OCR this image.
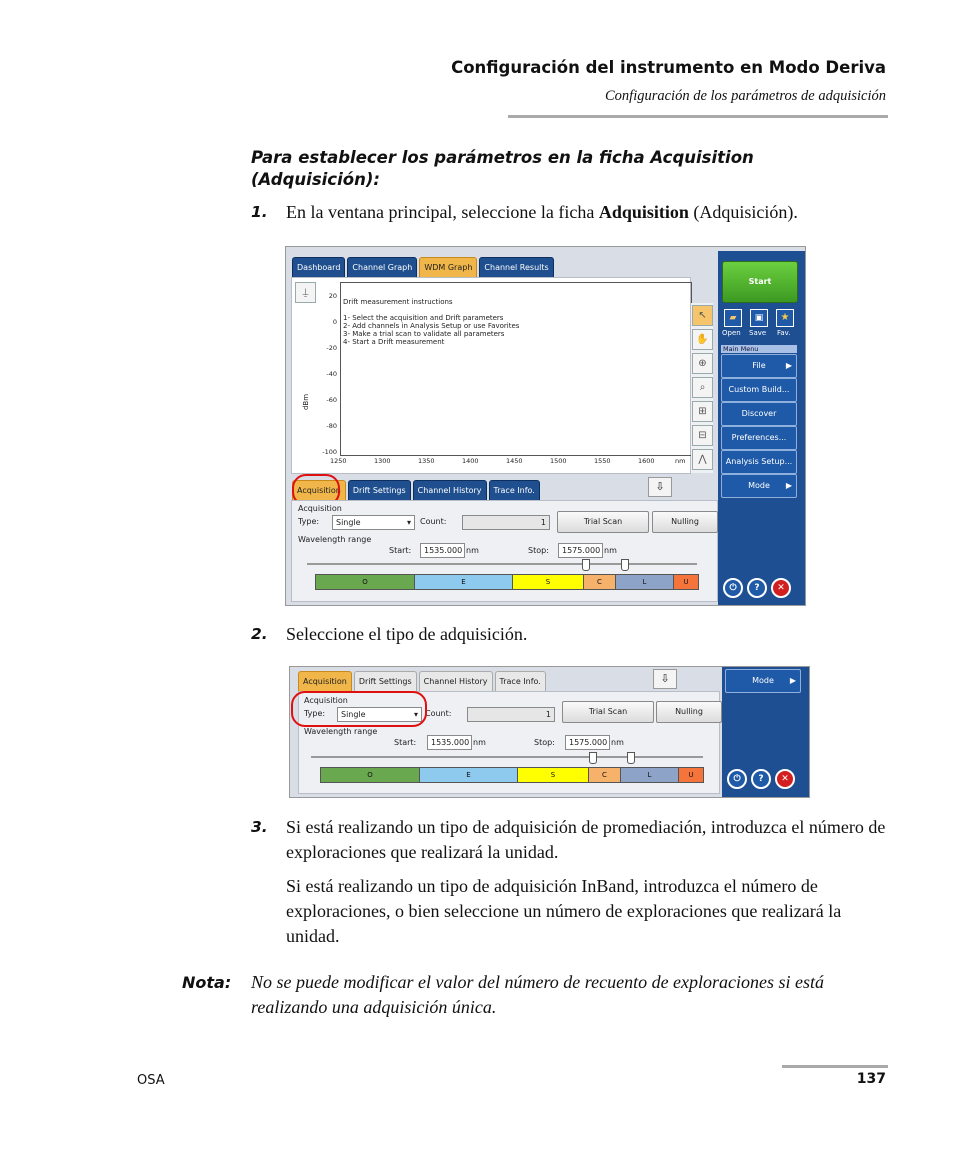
Configuración del instrumento en Modo Deriva
Configuración de los parámetros de adquisición
Para establecer los parámetros en la ficha Acquisition (Adquisición):
1. En la ventana principal, seleccione la ficha Adquisition (Adquisición).
Dashboard	Channel Graph	WDM Graph	Channel Results
⍊
dBm
Drift measurement instructions

1- Select the acquisition and Drift parameters
2- Add channels in Analysis Setup or use Favorites
3- Make a trial scan to validate all parameters
4- Start a Drift measurement
20
0
-20
-40
-60
-80
-100
1250	1300	1350	1400	1450	1500	1550	1600	nm
↖
✋
⊕
⌕
⊞
⊟
⋀
Acquisition	Drift Settings	Channel History	Trace Info.	⇩
Acquisition
Type:	Single	▾ Count:	1	Trial Scan	Nulling
Wavelength range
Start:	1535.000 nm	Stop:	1575.000 nm
O	E	S	C	L	U
Start
▰	▣	★
Open Save Fav.
Main Menu
File	▶
Custom Build...
Discover
Preferences...
Analysis Setup...
Mode ▶
⏻	?	✕
2. Seleccione el tipo de adquisición.
Acquisition	Drift Settings	Channel History	Trace Info.	⇩
Acquisition
Type:	Single	▾ Count:	1	Trial Scan	Nulling
Wavelength range
Start:	1535.000 nm	Stop:	1575.000 nm
O	E	S	C	L	U
Mode ▶
⏻	?	✕
3. Si está realizando un tipo de adquisición de promediación, introduzca el número de exploraciones que realizará la unidad.
Si está realizando un tipo de adquisición InBand, introduzca el número de exploraciones, o bien seleccione un número de exploraciones que realizará la unidad.
Nota: No se puede modificar el valor del número de recuento de exploraciones si está realizando una adquisición única.
OSA	137
